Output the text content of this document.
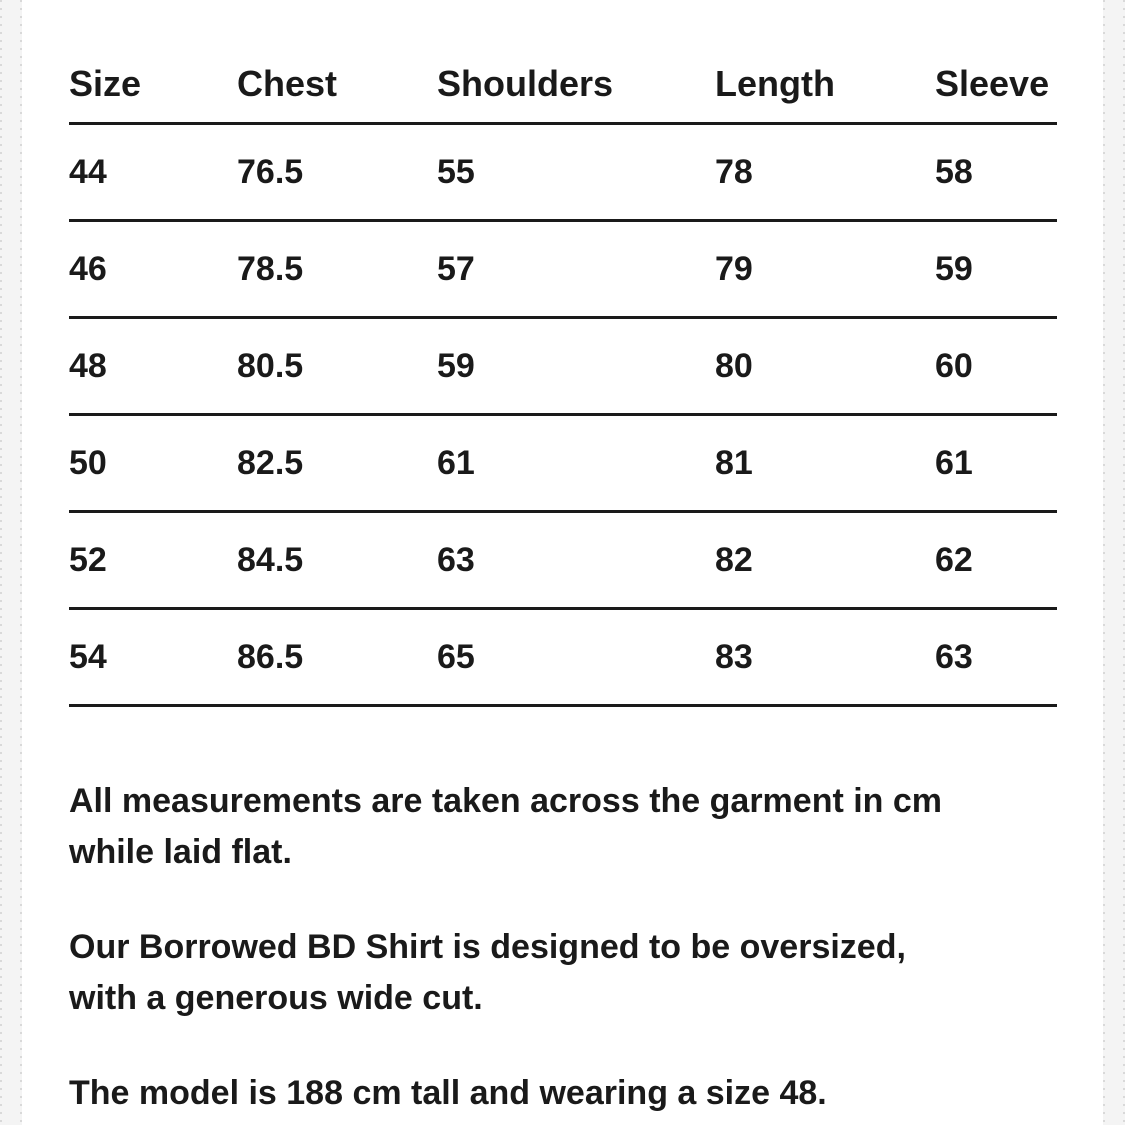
Size	Chest	Shoulders	Length	Sleeve
44	76.5	55	78	58
46	78.5	57	79	59
48	80.5	59	80	60
50	82.5	61	81	61
52	84.5	63	82	62
54	86.5	65	83	63

All measurements are taken across the garment in cm
while laid flat.

Our Borrowed BD Shirt is designed to be oversized,
with a generous wide cut.

The model is 188 cm tall and wearing a size 48.
